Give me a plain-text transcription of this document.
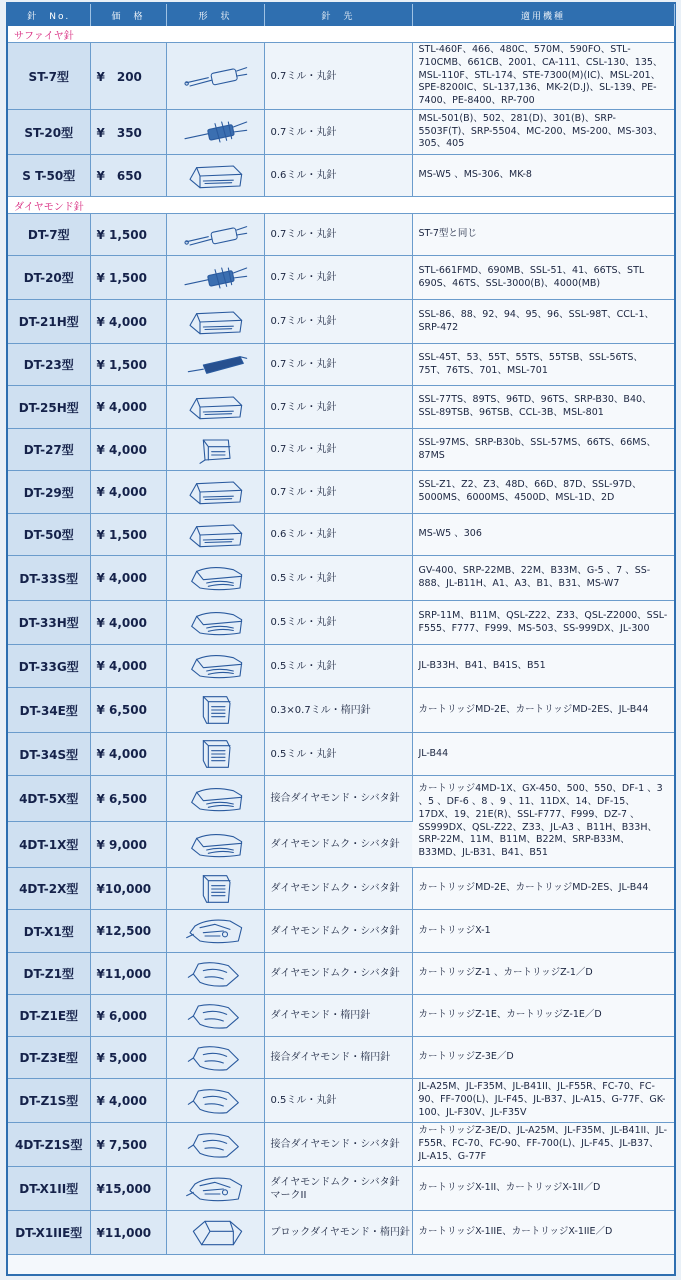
針　No.	価　格	形　状	針　先	適用機種
サファイヤ針				
ST-7型	¥　200		0.7ミル・丸針	STL-460F、466、480C、570M、590FO、STL-710CMB、661CB、2001、CA-111、CSL-130、135、MSL-110F、STL-174、STE-7300(M)(IC)、MSL-201、SPE-8200IC、SL-137,136、MK-2(D.J)、SL-139、PE-7400、PE-8400、RP-700
ST-20型	¥　350		0.7ミル・丸針	MSL-501(B)、502、281(D)、301(B)、SRP-5503F(T)、SRP-5504、MC-200、MS-200、MS-303、305、405
S T-50型	¥　650		0.6ミル・丸針	MS-W5 、MS-306、MK-8
ダイヤモンド針				
DT-7型	¥ 1,500		0.7ミル・丸針	ST-7型と同じ
DT-20型	¥ 1,500		0.7ミル・丸針	STL-661FMD、690MB、SSL-51、41、66TS、STL 690S、46TS、SSL-3000(B)、4000(MB)
DT-21H型	¥ 4,000		0.7ミル・丸針	SSL-86、88、92、94、95、96、SSL-98T、CCL-1、SRP-472
DT-23型	¥ 1,500		0.7ミル・丸針	SSL-45T、53、55T、55TS、55TSB、SSL-56TS、75T、76TS、701、MSL-701
DT-25H型	¥ 4,000		0.7ミル・丸針	SSL-77TS、89TS、96TD、96TS、SRP-B30、B40、SSL-89TSB、96TSB、CCL-3B、MSL-801
DT-27型	¥ 4,000		0.7ミル・丸針	SSL-97MS、SRP-B30b、SSL-57MS、66TS、66MS、87MS
DT-29型	¥ 4,000		0.7ミル・丸針	SSL-Z1、Z2、Z3、48D、66D、87D、SSL-97D、5000MS、6000MS、4500D、MSL-1D、2D
DT-50型	¥ 1,500		0.6ミル・丸針	MS-W5 、306
DT-33S型	¥ 4,000		0.5ミル・丸針	GV-400、SRP-22MB、22M、B33M、G-5 、7 、SS-888、JL-B11H、A1、A3、B1、B31、MS-W7
DT-33H型	¥ 4,000		0.5ミル・丸針	SRP-11M、B11M、QSL-Z22、Z33、QSL-Z2000、SSL-F555、F777、F999、MS-503、SS-999DX、JL-300
DT-33G型	¥ 4,000		0.5ミル・丸針	JL-B33H、B41、B41S、B51
DT-34E型	¥ 6,500		0.3×0.7ミル・楕円針	カートリッジMD-2E、カートリッジMD-2ES、JL-B44
DT-34S型	¥ 4,000		0.5ミル・丸針	JL-B44
4DT-5X型	¥ 6,500		接合ダイヤモンド・シバタ針	カートリッジ4MD-1X、GX-450、500、550、DF-1 、3 、5 、DF-6 、8 、9 、11、11DX、14、DF-15、17DX、19、21E(R)、SSL-F777、F999、DZ-7 、SS999DX、QSL-Z22、Z33、JL-A3 、B11H、B33H、SRP-22M、11M、B11M、B22M、SRP-B33M、B33MD、JL-B31、B41、B51
4DT-1X型	¥ 9,000		ダイヤモンドムク・シバタ針	
4DT-2X型	¥10,000		ダイヤモンドムク・シバタ針	カートリッジMD-2E、カートリッジMD-2ES、JL-B44
DT-X1型	¥12,500		ダイヤモンドムク・シバタ針	カートリッジX-1
DT-Z1型	¥11,000		ダイヤモンドムク・シバタ針	カートリッジZ-1 、カートリッジZ-1／D
DT-Z1E型	¥ 6,000		ダイヤモンド・楕円針	カートリッジZ-1E、カートリッジZ-1E／D
DT-Z3E型	¥ 5,000		接合ダイヤモンド・楕円針	カートリッジZ-3E／D
DT-Z1S型	¥ 4,000		0.5ミル・丸針	JL-A25M、JL-F35M、JL-B41II、JL-F55R、FC-70、FC-90、FF-700(L)、JL-F45、JL-B37、JL-A15、G-77F、GK-100、JL-F30V、JL-F35V
4DT-Z1S型	¥ 7,500		接合ダイヤモンド・シバタ針	カートリッジZ-3E/D、JL-A25M、JL-F35M、JL-B41II、JL-F55R、FC-70、FC-90、FF-700(L)、JL-F45、JL-B37、JL-A15、G-77F
DT-X1II型	¥15,000		ダイヤモンドムク・シバタ針 マークII	カートリッジX-1II、カートリッジX-1II／D
DT-X1IIE型	¥11,000		ブロックダイヤモンド・楕円針	カートリッジX-1IIE、カートリッジX-1IIE／D
